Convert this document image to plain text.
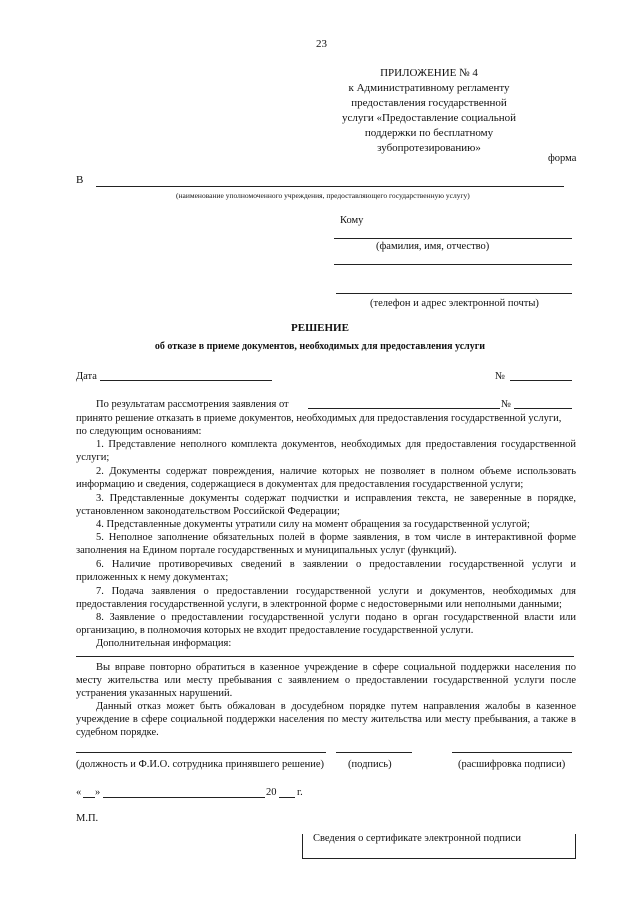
23
ПРИЛОЖЕНИЕ № 4
к Административному регламенту
предоставления государственной
услуги «Предоставление социальной
поддержки по бесплатному
зубопротезированию»
форма
В
(наименование уполномоченного учреждения, предоставляющего государственную услугу)
Кому
(фамилия, имя, отчество)
(телефон и адрес электронной почты)
РЕШЕНИЕ
об отказе в приеме документов, необходимых для предоставления услуги
Дата	№
По результатам рассмотрения заявления от	№
принято решение отказать в приеме документов, необходимых для предоставления государственной услуги,
по следующим основаниям:
1. Представление неполного комплекта документов, необходимых для предоставления государственной услуги;
2. Документы содержат повреждения, наличие которых не позволяет в полном объеме использовать информацию и сведения, содержащиеся в документах для предоставления государственной услуги;
3. Представленные документы содержат подчистки и исправления текста, не заверенные в порядке, установленном законодательством Российской Федерации;
4. Представленные документы утратили силу на момент обращения за государственной услугой;
5. Неполное заполнение обязательных полей в форме заявления, в том числе в интерактивной форме заполнения на Едином портале государственных и муниципальных услуг (функций).
6. Наличие противоречивых сведений в заявлении о предоставлении государственной услуги и приложенных к нему документах;
7. Подача заявления о предоставлении государственной услуги и документов, необходимых для предоставления государственной услуги, в электронной форме с недостоверными или неполными данными;
8. Заявление о предоставлении государственной услуги подано в орган государственной власти или организацию, в полномочия которых не входит предоставление государственной услуги.
Дополнительная информация:
Вы вправе повторно обратиться в казенное учреждение в сфере социальной поддержки населения по месту жительства или месту пребывания с заявлением о предоставлении государственной услуги после устранения указанных нарушений.
Данный отказ может быть обжалован в досудебном порядке путем направления жалобы в казенное учреждение в сфере социальной поддержки населения по месту жительства или месту пребывания, а также в судебном порядке.
(должность и Ф.И.О. сотрудника принявшего решение) (подпись)	(расшифровка подписи)
« »	20 г.
М.П.
Сведения о сертификате электронной подписи
